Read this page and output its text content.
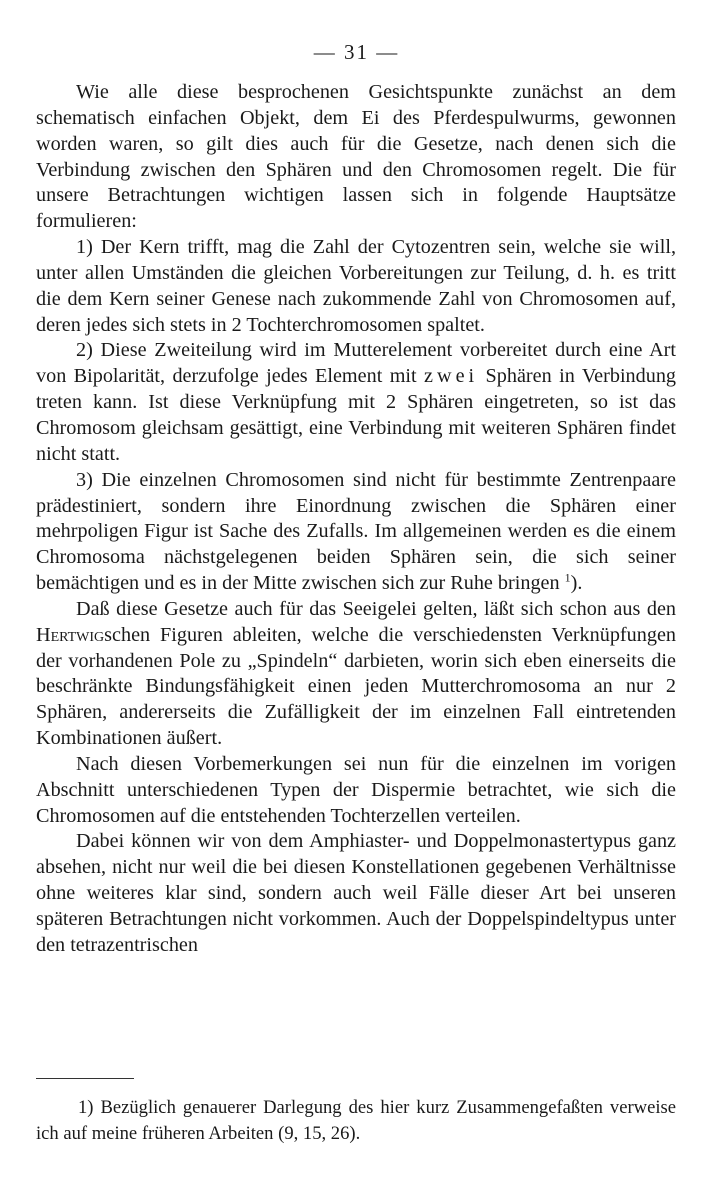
— 31 —

Wie alle diese besprochenen Gesichtspunkte zunächst an dem schematisch einfachen Objekt, dem Ei des Pferdespulwurms, gewonnen worden waren, so gilt dies auch für die Gesetze, nach denen sich die Verbindung zwischen den Sphären und den Chromosomen regelt. Die für unsere Betrachtungen wichtigen lassen sich in folgende Hauptsätze formulieren:

1) Der Kern trifft, mag die Zahl der Cytozentren sein, welche sie will, unter allen Umständen die gleichen Vorbereitungen zur Teilung, d. h. es tritt die dem Kern seiner Genese nach zukommende Zahl von Chromosomen auf, deren jedes sich stets in 2 Tochterchromosomen spaltet.

2) Diese Zweiteilung wird im Mutterelement vorbereitet durch eine Art von Bipolarität, derzufolge jedes Element mit zwei Sphären in Verbindung treten kann. Ist diese Verknüpfung mit 2 Sphären eingetreten, so ist das Chromosom gleichsam gesättigt, eine Verbindung mit weiteren Sphären findet nicht statt.

3) Die einzelnen Chromosomen sind nicht für bestimmte Zentrenpaare prädestiniert, sondern ihre Einordnung zwischen die Sphären einer mehrpoligen Figur ist Sache des Zufalls. Im allgemeinen werden es die einem Chromosoma nächstgelegenen beiden Sphären sein, die sich seiner bemächtigen und es in der Mitte zwischen sich zur Ruhe bringen $^1$).

Daß diese Gesetze auch für das Seeigelei gelten, läßt sich schon aus den Hertwigschen Figuren ableiten, welche die verschiedensten Verknüpfungen der vorhandenen Pole zu „Spindeln“ darbieten, worin sich eben einerseits die beschränkte Bindungsfähigkeit einen jeden Mutterchromosoma an nur 2 Sphären, andererseits die Zufälligkeit der im einzelnen Fall eintretenden Kombinationen äußert.

Nach diesen Vorbemerkungen sei nun für die einzelnen im vorigen Abschnitt unterschiedenen Typen der Dispermie betrachtet, wie sich die Chromosomen auf die entstehenden Tochterzellen verteilen.

Dabei können wir von dem Amphiaster- und Doppelmonastertypus ganz absehen, nicht nur weil die bei diesen Konstellationen gegebenen Verhältnisse ohne weiteres klar sind, sondern auch weil Fälle dieser Art bei unseren späteren Betrachtungen nicht vorkommen. Auch der Doppelspindeltypus unter den tetrazentrischen

1) Bezüglich genauerer Darlegung des hier kurz Zusammengefaßten verweise ich auf meine früheren Arbeiten (9, 15, 26).
